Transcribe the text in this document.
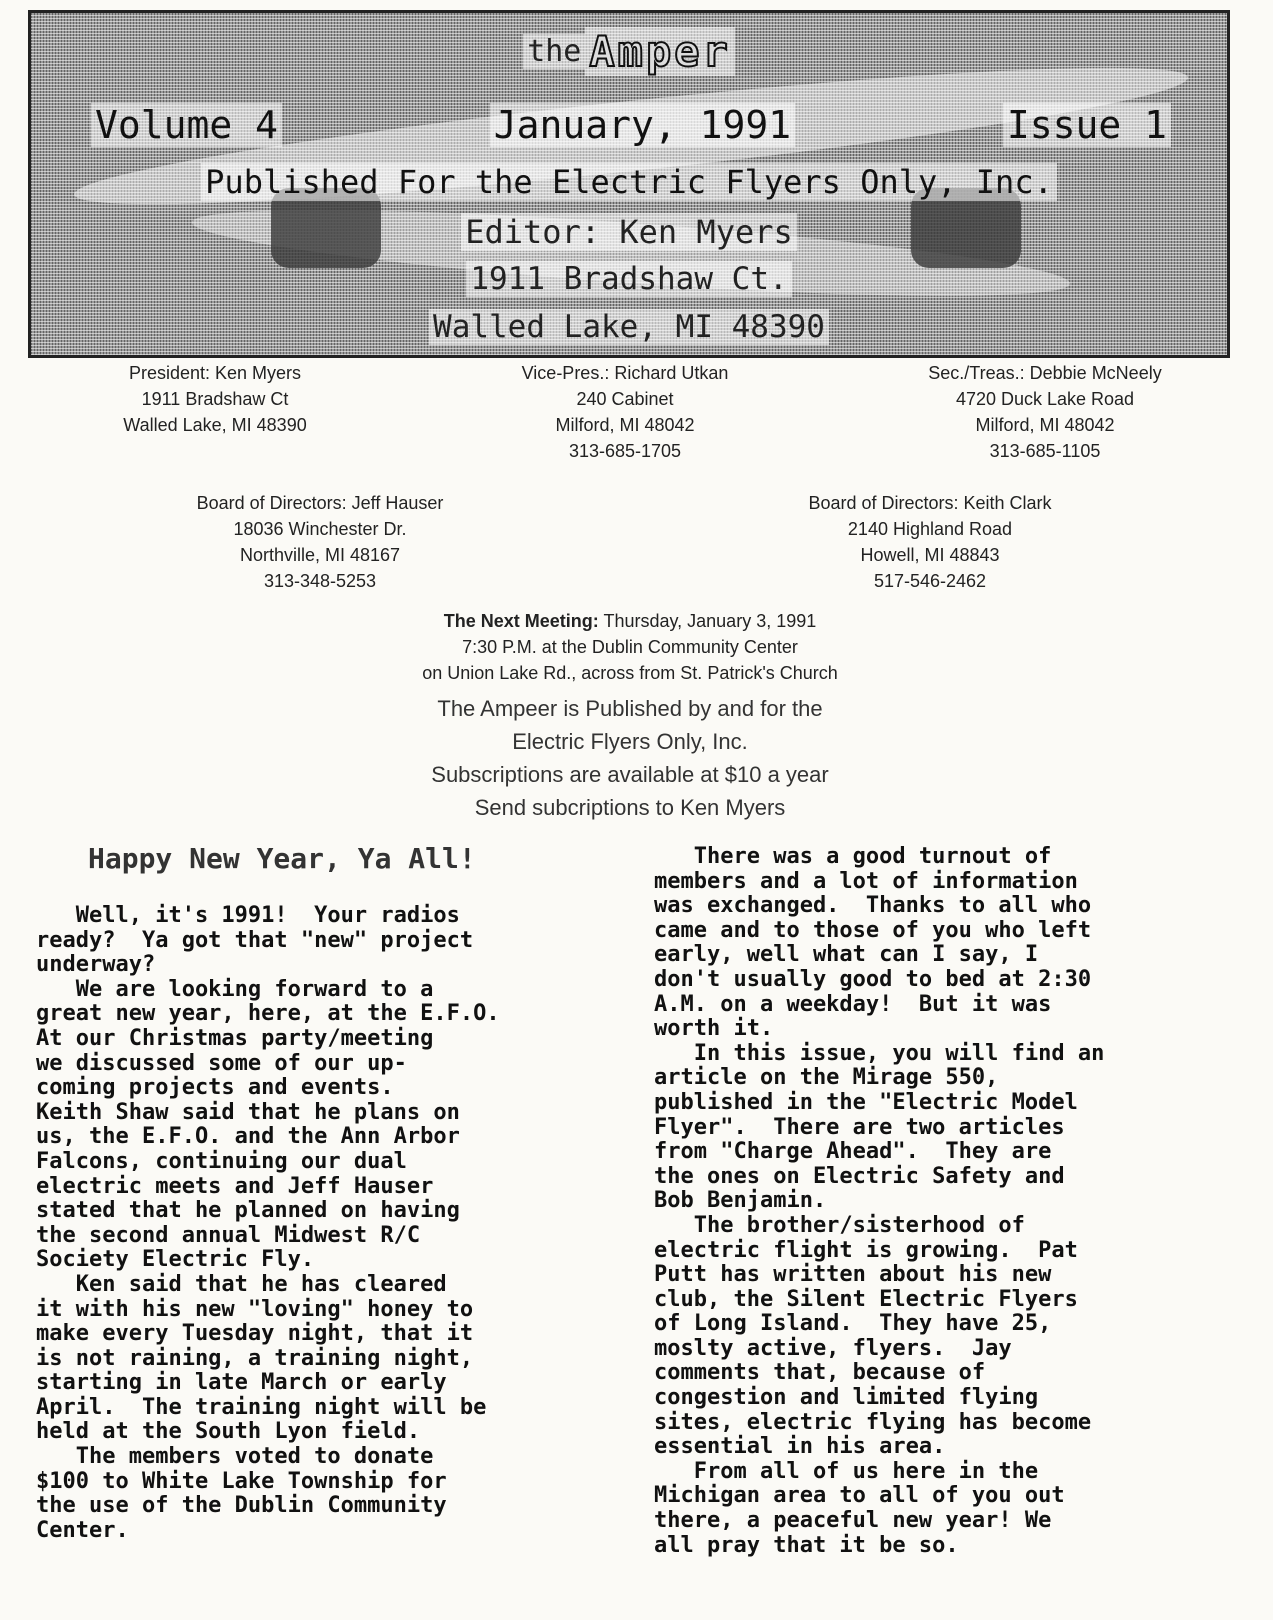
the Amper
Volume 4	January, 1991	Issue 1
Published For the Electric Flyers Only, Inc.
Editor: Ken Myers
1911 Bradshaw Ct.
Walled Lake, MI 48390
President: Ken Myers
1911 Bradshaw Ct
Walled Lake, MI 48390
Vice-Pres.: Richard Utkan
240 Cabinet
Milford, MI 48042
313-685-1705
Sec./Treas.: Debbie McNeely
4720 Duck Lake Road
Milford, MI 48042
313-685-1105
Board of Directors: Jeff Hauser
18036 Winchester Dr.
Northville, MI 48167
313-348-5253
Board of Directors: Keith Clark
2140 Highland Road
Howell, MI 48843
517-546-2462
The Next Meeting: Thursday, January 3, 1991
7:30 P.M. at the Dublin Community Center
on Union Lake Rd., across from St. Patrick's Church
The Ampeer is Published by and for the
Electric Flyers Only, Inc.
Subscriptions are available at $10 a year
Send subcriptions to Ken Myers
Happy New Year, Ya All!
Well, it's 1991!  Your radios
ready?  Ya got that "new" project
underway?
We are looking forward to a
great new year, here, at the E.F.O.
At our Christmas party/meeting
we discussed some of our up-
coming projects and events.
Keith Shaw said that he plans on
us, the E.F.O. and the Ann Arbor
Falcons, continuing our dual
electric meets and Jeff Hauser
stated that he planned on having
the second annual Midwest R/C
Society Electric Fly.
Ken said that he has cleared
it with his new "loving" honey to
make every Tuesday night, that it
is not raining, a training night,
starting in late March or early
April.  The training night will be
held at the South Lyon field.
The members voted to donate
$100 to White Lake Township for
the use of the Dublin Community
Center.
There was a good turnout of
members and a lot of information
was exchanged.  Thanks to all who
came and to those of you who left
early, well what can I say, I
don't usually good to bed at 2:30
A.M. on a weekday!  But it was
worth it.
In this issue, you will find an
article on the Mirage 550,
published in the "Electric Model
Flyer".  There are two articles
from "Charge Ahead".  They are
the ones on Electric Safety and
Bob Benjamin.
The brother/sisterhood of
electric flight is growing.  Pat
Putt has written about his new
club, the Silent Electric Flyers
of Long Island.  They have 25,
moslty active, flyers.  Jay
comments that, because of
congestion and limited flying
sites, electric flying has become
essential in his area.
From all of us here in the
Michigan area to all of you out
there, a peaceful new year! We
all pray that it be so.
